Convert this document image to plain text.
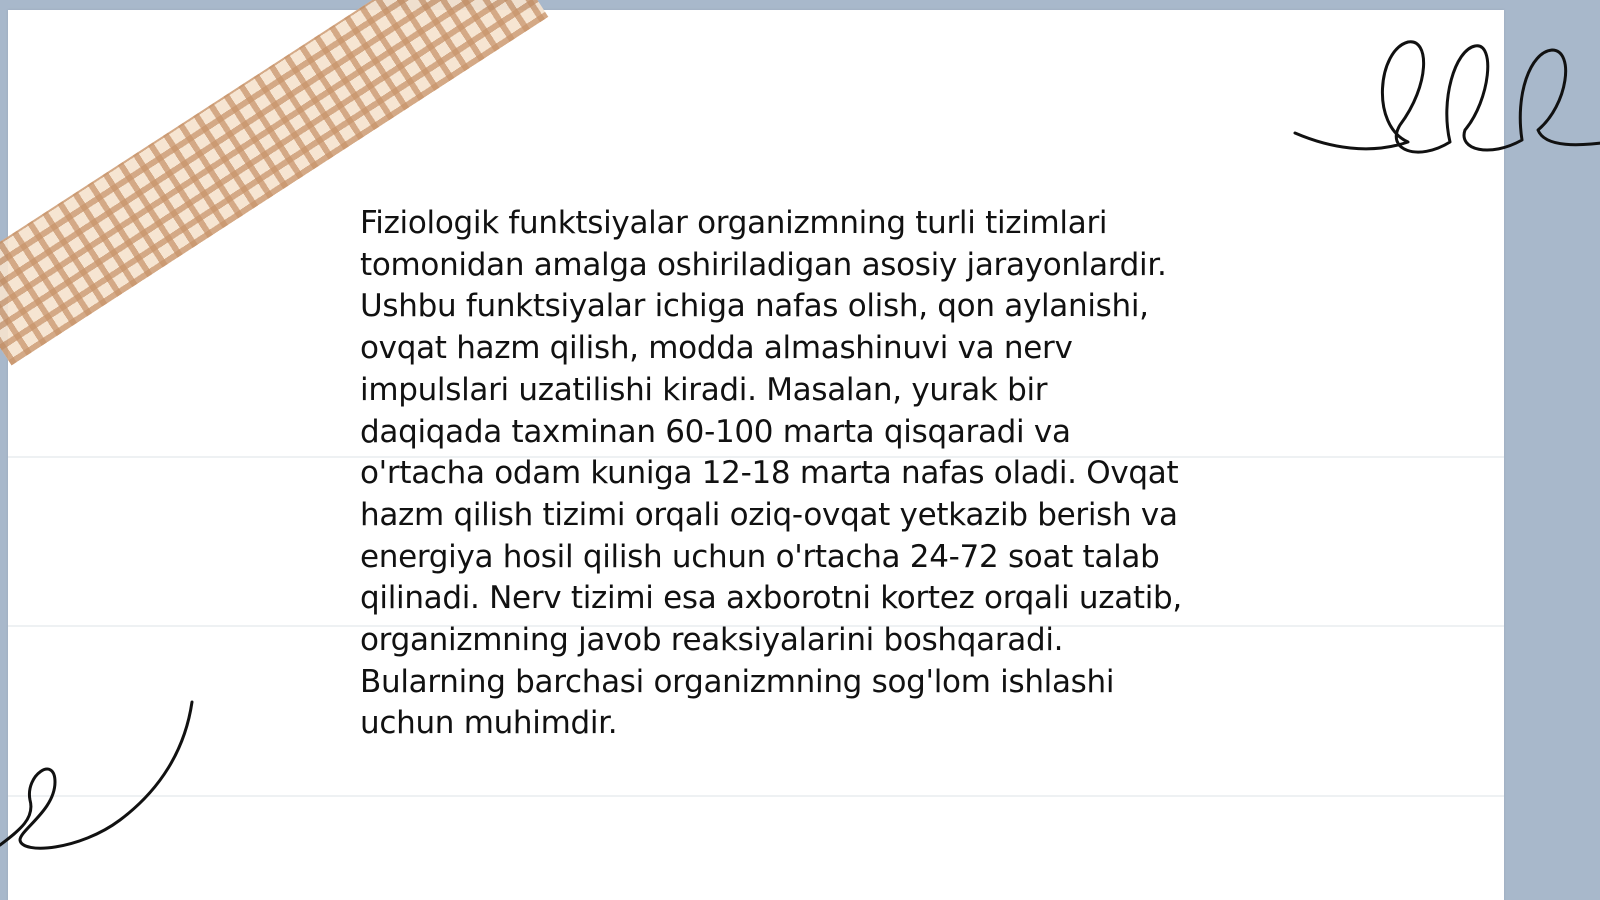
Fiziologik funktsiyalar organizmning turli tizimlari
tomonidan amalga oshiriladigan asosiy jarayonlardir.
Ushbu funktsiyalar ichiga nafas olish, qon aylanishi,
ovqat hazm qilish, modda almashinuvi va nerv
impulslari uzatilishi kiradi. Masalan, yurak bir
daqiqada taxminan 60-100 marta qisqaradi va
o'rtacha odam kuniga 12-18 marta nafas oladi. Ovqat
hazm qilish tizimi orqali oziq-ovqat yetkazib berish va
energiya hosil qilish uchun o'rtacha 24-72 soat talab
qilinadi. Nerv tizimi esa axborotni kortez orqali uzatib,
organizmning javob reaksiyalarini boshqaradi.
Bularning barchasi organizmning sog'lom ishlashi
uchun muhimdir.
